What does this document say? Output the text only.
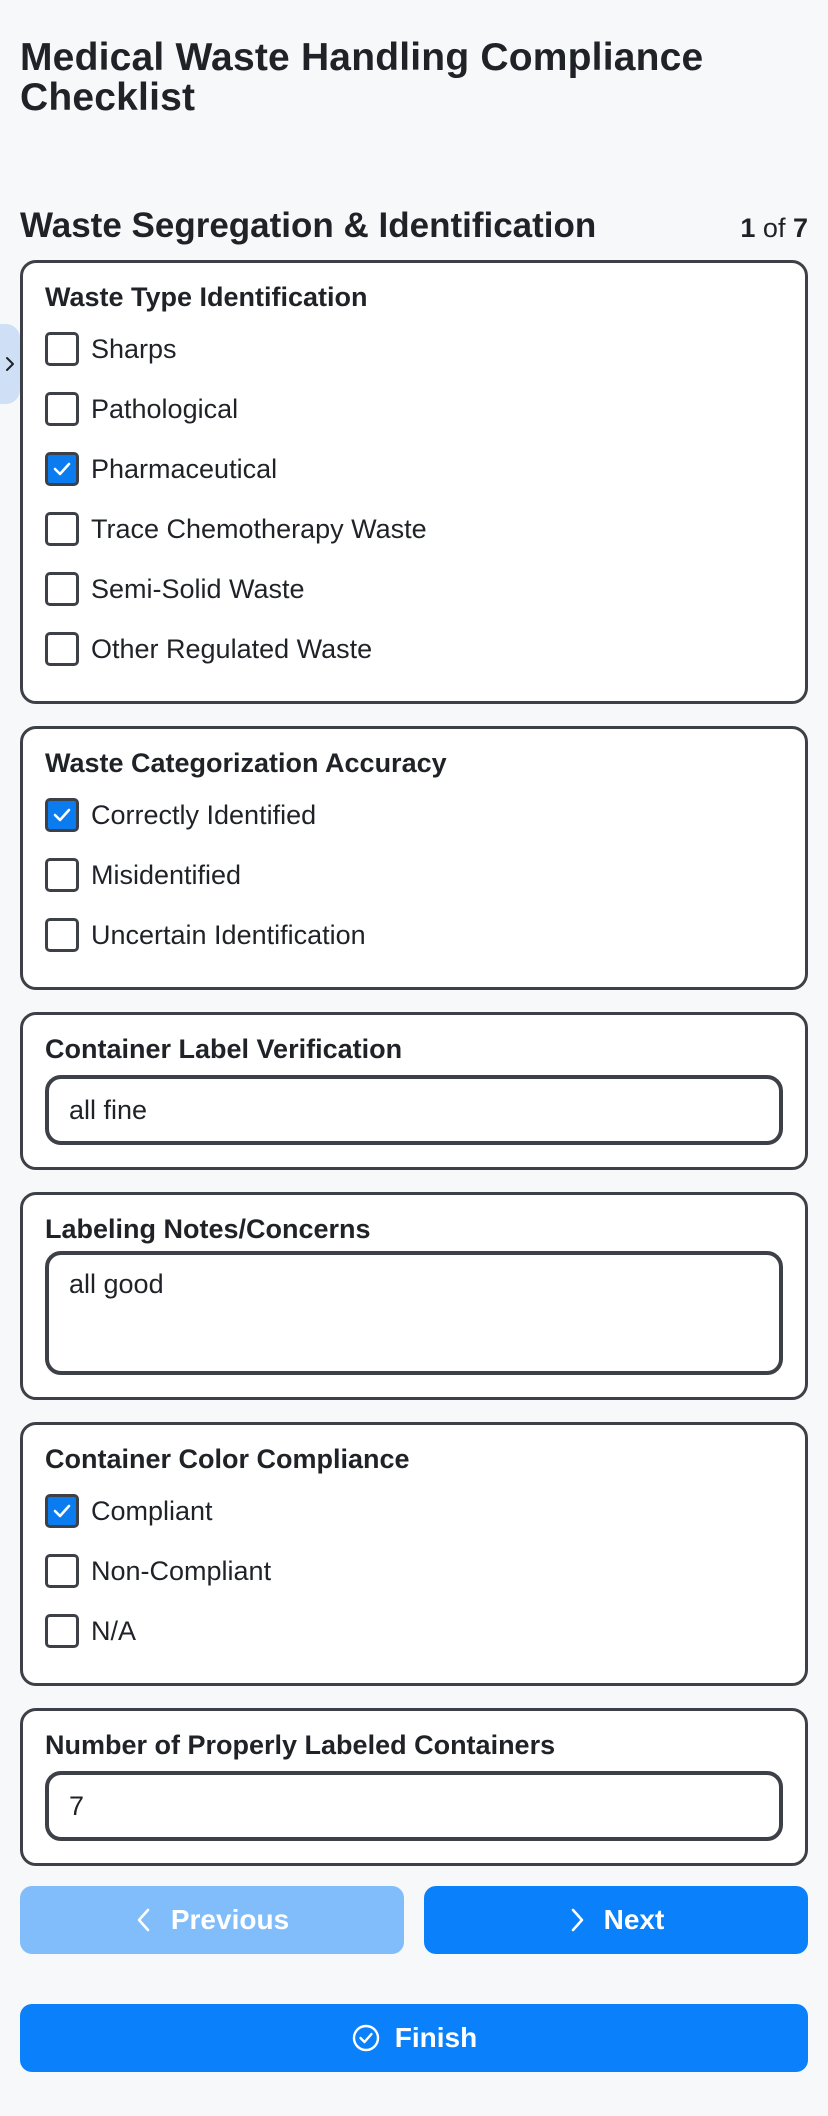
Medical Waste Handling Compliance Checklist
Waste Segregation & Identification	1 of 7
Waste Type Identification
Sharps
Pathological
Pharmaceutical
Trace Chemotherapy Waste
Semi-Solid Waste
Other Regulated Waste
Waste Categorization Accuracy
Correctly Identified
Misidentified
Uncertain Identification
Container Label Verification
all fine
Labeling Notes/Concerns
all good
Container Color Compliance
Compliant
Non-Compliant
N/A
Number of Properly Labeled Containers
7
Previous	Next
Finish
